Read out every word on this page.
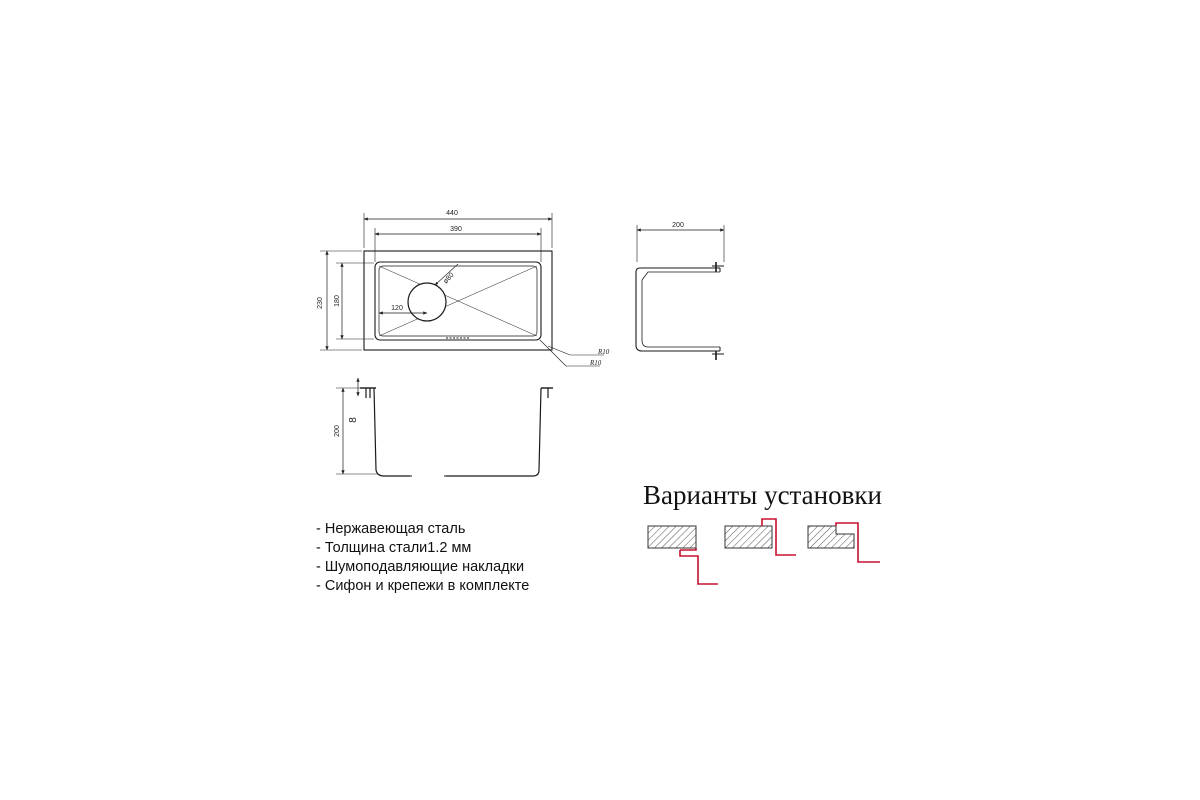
440
390
230 180
120
ø80
R10
R10
200
200
8
- Нержавеющая сталь
- Толщина стали1.2 мм
- Шумоподавляющие накладки
- Сифон и крепежи в комплекте
Варианты установки
